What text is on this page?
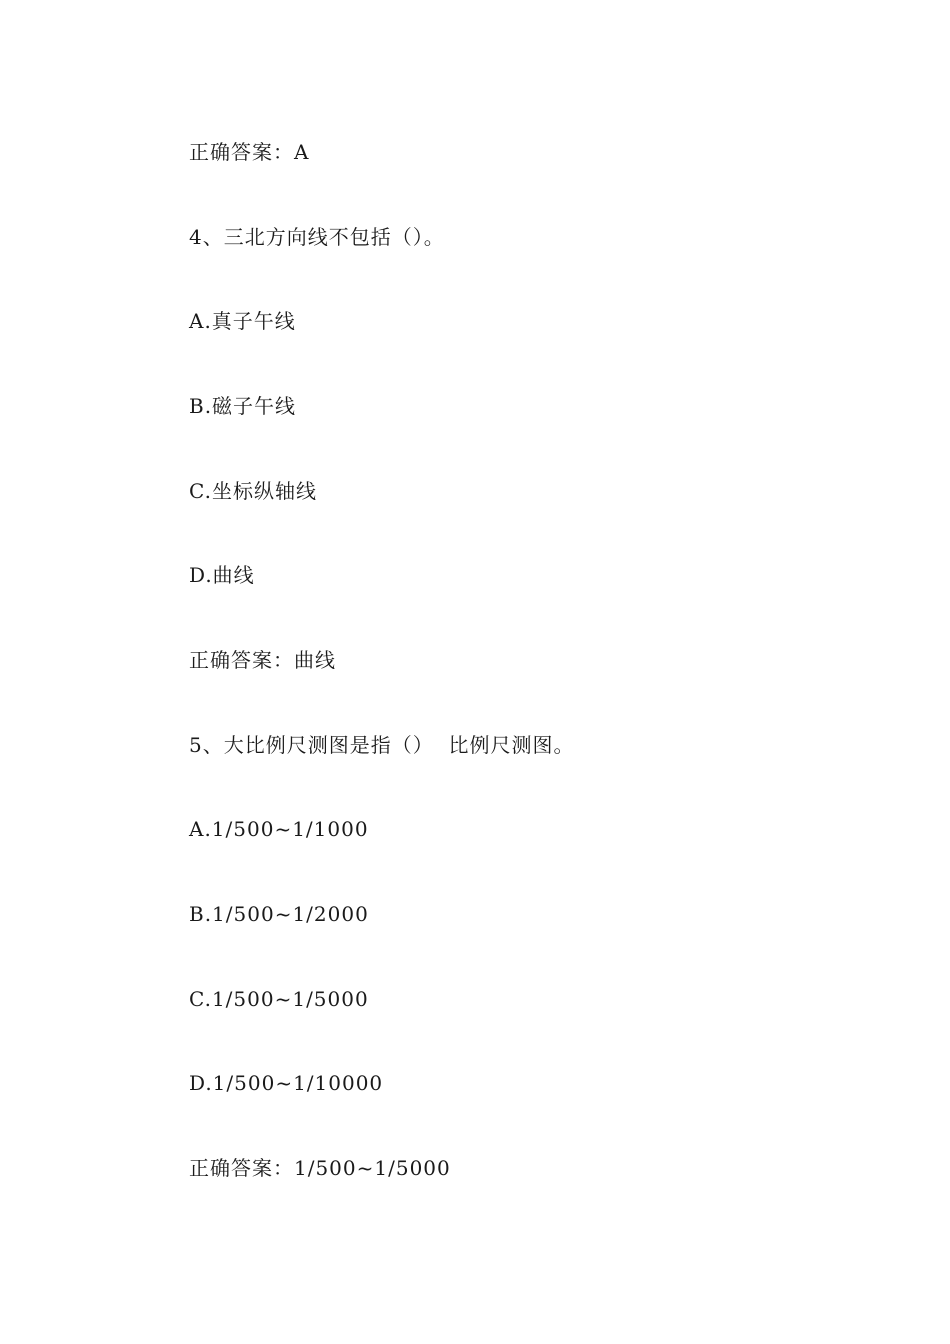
正确答案：A
4、三北方向线不包括（）。
A.真子午线
B.磁子午线
C.坐标纵轴线
D.曲线
正确答案：曲线
5、大比例尺测图是指（）  比例尺测图。
A.1/500~1/1000
B.1/500~1/2000
C.1/500~1/5000
D.1/500~1/10000
正确答案：1/500~1/5000
